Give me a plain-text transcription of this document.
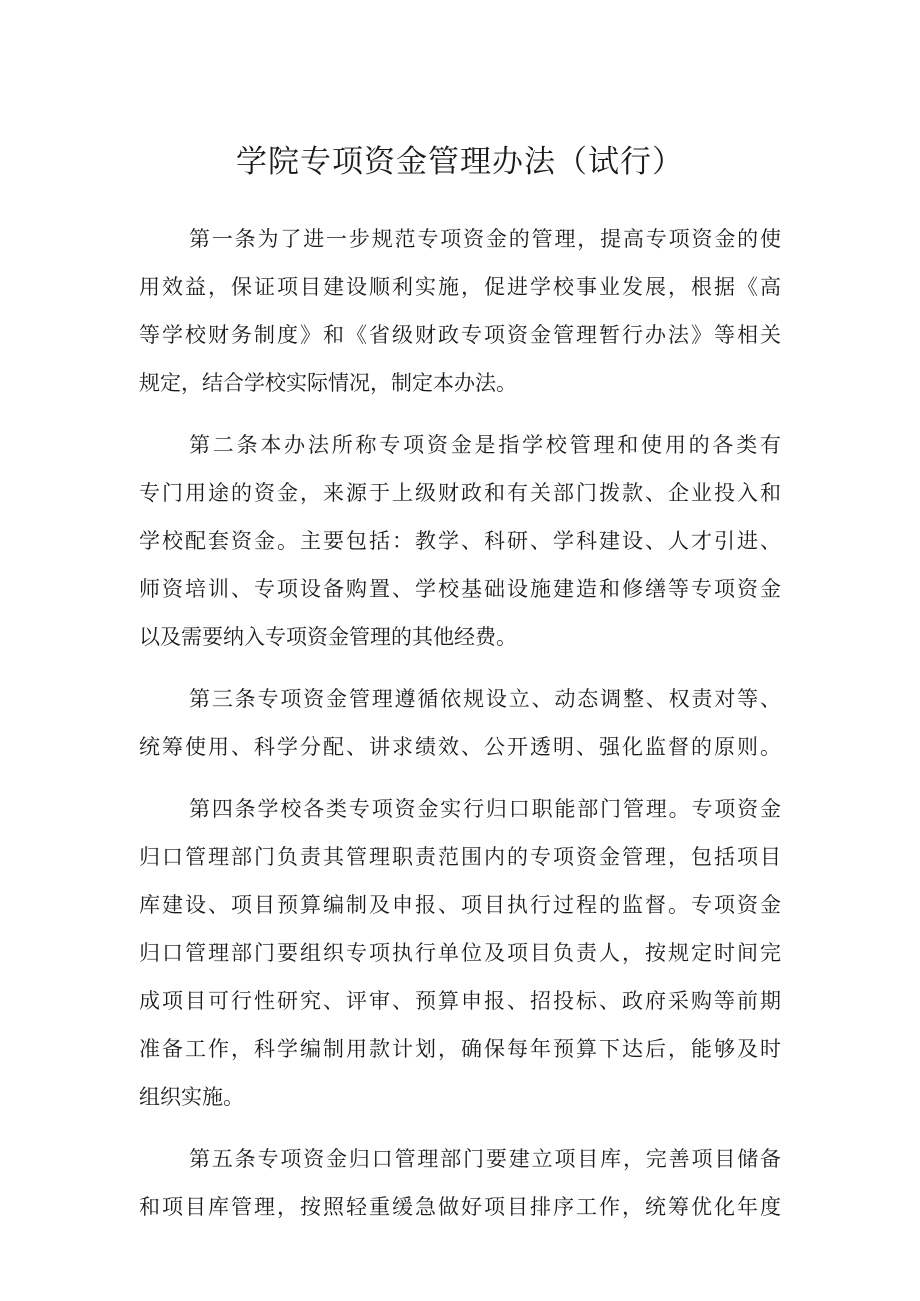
学院专项资金管理办法（试行）
第一条为了进一步规范专项资金的管理，提高专项资金的使
用效益，保证项目建设顺利实施，促进学校事业发展，根据《高
等学校财务制度》和《省级财政专项资金管理暂行办法》等相关
规定，结合学校实际情况，制定本办法。
第二条本办法所称专项资金是指学校管理和使用的各类有
专门用途的资金，来源于上级财政和有关部门拨款、企业投入和
学校配套资金。主要包括：教学、科研、学科建设、人才引进、
师资培训、专项设备购置、学校基础设施建造和修缮等专项资金
以及需要纳入专项资金管理的其他经费。
第三条专项资金管理遵循依规设立、动态调整、权责对等、
统筹使用、科学分配、讲求绩效、公开透明、强化监督的原则。
第四条学校各类专项资金实行归口职能部门管理。专项资金
归口管理部门负责其管理职责范围内的专项资金管理，包括项目
库建设、项目预算编制及申报、项目执行过程的监督。专项资金
归口管理部门要组织专项执行单位及项目负责人，按规定时间完
成项目可行性研究、评审、预算申报、招投标、政府采购等前期
准备工作，科学编制用款计划，确保每年预算下达后，能够及时
组织实施。
第五条专项资金归口管理部门要建立项目库，完善项目储备
和项目库管理，按照轻重缓急做好项目排序工作，统筹优化年度
